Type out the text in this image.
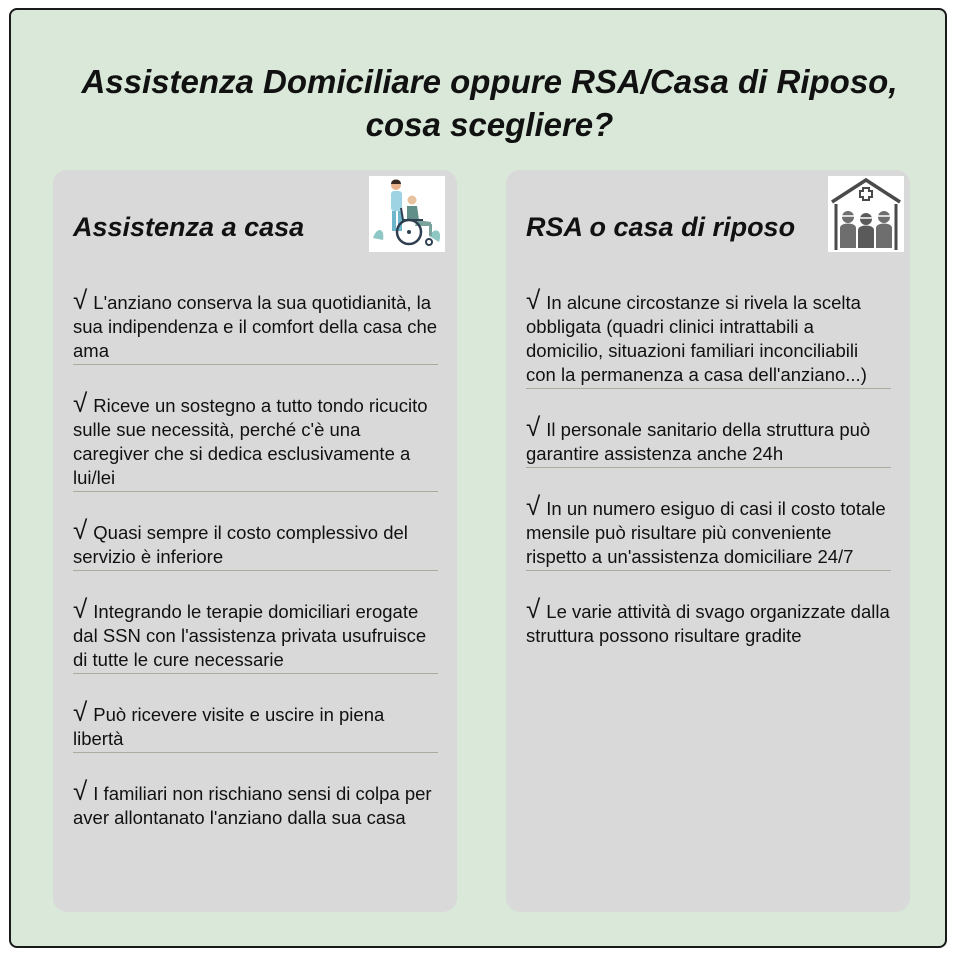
Assistenza Domiciliare oppure RSA/Casa di Riposo, cosa scegliere?
Assistenza a casa
√ L'anziano conserva la sua quotidianità, la sua indipendenza e il comfort della casa che ama
√ Riceve un sostegno a tutto tondo ricucito sulle sue necessità, perché c'è una caregiver che si dedica esclusivamente a lui/lei
√ Quasi sempre il costo complessivo del servizio è inferiore
√ Integrando le terapie domiciliari erogate dal SSN con l'assistenza privata usufruisce di tutte le cure necessarie
√ Può ricevere visite e uscire in piena libertà
√ I familiari non rischiano sensi di colpa per aver allontanato l'anziano dalla sua casa
RSA o casa di riposo
√ In alcune circostanze si rivela la scelta obbligata (quadri clinici intrattabili a domicilio, situazioni familiari inconciliabili con la permanenza a casa dell'anziano...)
√ Il personale sanitario della struttura può garantire assistenza anche 24h
√ In un numero esiguo di casi il costo totale mensile può risultare più conveniente rispetto a un'assistenza domiciliare 24/7
√ Le varie attività di svago organizzate dalla struttura possono risultare gradite
